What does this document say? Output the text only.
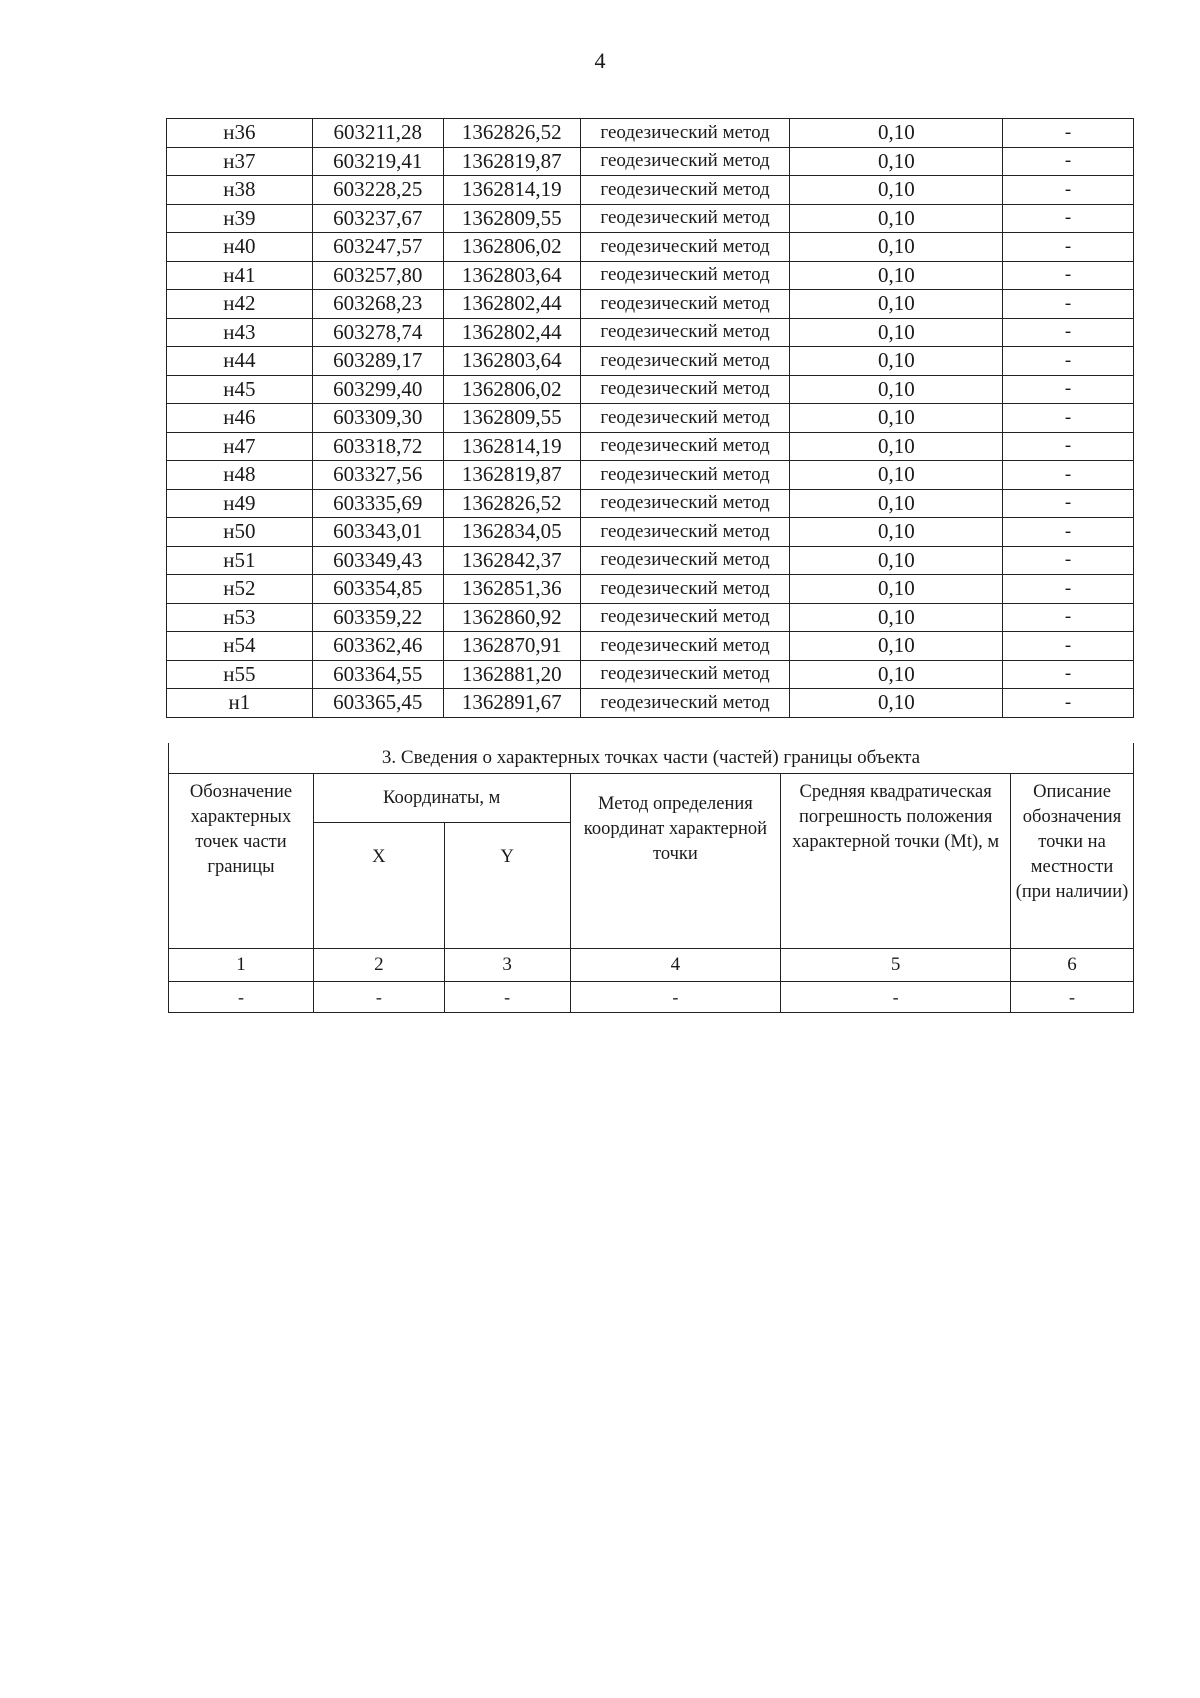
4
н36	603211,28	1362826,52	геодезический метод	0,10	-
н37	603219,41	1362819,87	геодезический метод	0,10	-
н38	603228,25	1362814,19	геодезический метод	0,10	-
н39	603237,67	1362809,55	геодезический метод	0,10	-
н40	603247,57	1362806,02	геодезический метод	0,10	-
н41	603257,80	1362803,64	геодезический метод	0,10	-
н42	603268,23	1362802,44	геодезический метод	0,10	-
н43	603278,74	1362802,44	геодезический метод	0,10	-
н44	603289,17	1362803,64	геодезический метод	0,10	-
н45	603299,40	1362806,02	геодезический метод	0,10	-
н46	603309,30	1362809,55	геодезический метод	0,10	-
н47	603318,72	1362814,19	геодезический метод	0,10	-
н48	603327,56	1362819,87	геодезический метод	0,10	-
н49	603335,69	1362826,52	геодезический метод	0,10	-
н50	603343,01	1362834,05	геодезический метод	0,10	-
н51	603349,43	1362842,37	геодезический метод	0,10	-
н52	603354,85	1362851,36	геодезический метод	0,10	-
н53	603359,22	1362860,92	геодезический метод	0,10	-
н54	603362,46	1362870,91	геодезический метод	0,10	-
н55	603364,55	1362881,20	геодезический метод	0,10	-
н1	603365,45	1362891,67	геодезический метод	0,10	-
3. Сведения о характерных точках части (частей) границы объекта
Обозначение характерных точек части границы	Координаты, м		Метод определения координат характерной точки	Средняя квадратическая погрешность положения характерной точки (Mt), м	Описание обозначения точки на местности (при наличии)
	X	Y			
1	2	3	4	5	6
-	-	-	-	-	-
